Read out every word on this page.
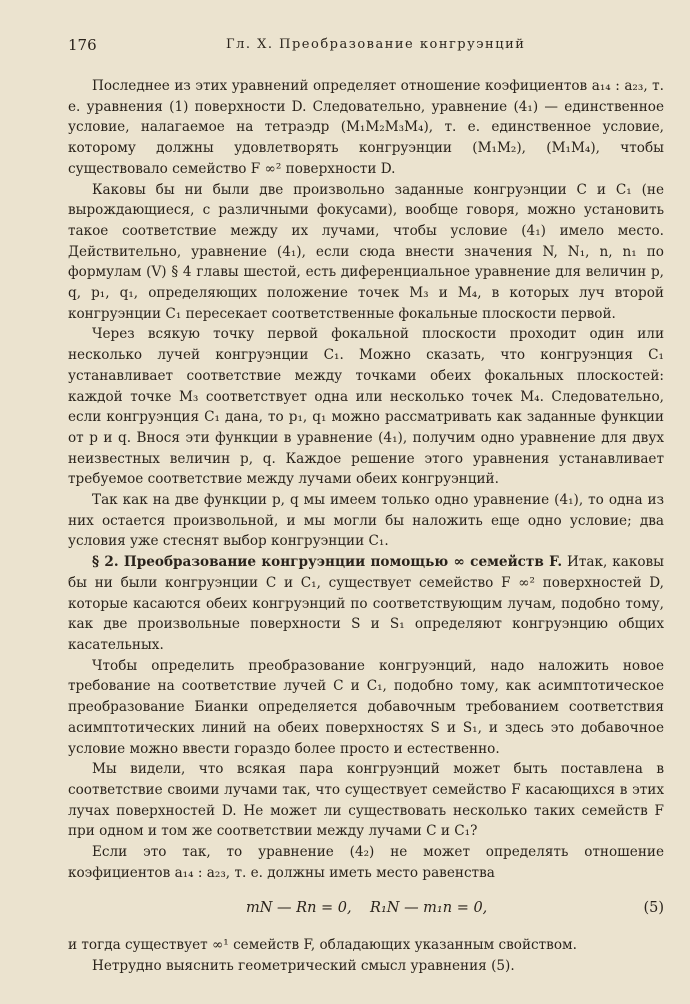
176	Гл. X. Преобразование конгруэнций

Последнее из этих уравнений определяет отношение коэфициентов a₁₄ : a₂₃, т. е. уравнения (1) поверхности D. Следовательно, уравнение (4₁) — единственное условие, налагаемое на тетраэдр (M₁M₂M₃M₄), т. е. единственное условие, которому должны удовлетворять конгруэнции (M₁M₂), (M₁M₄), чтобы существовало семейство F ∞² поверхности D.

Каковы бы ни были две произвольно заданные конгруэнции C и C₁ (не вырождающиеся, с различными фокусами), вообще говоря, можно установить такое соответствие между их лучами, чтобы условие (4₁) имело место. Действительно, уравнение (4₁), если сюда внести значения N, N₁, n, n₁ по формулам (V) § 4 главы шестой, есть диференциальное уравнение для величин p, q, p₁, q₁, определяющих положение точек M₃ и M₄, в которых луч второй конгруэнции C₁ пересекает соответственные фокальные плоскости первой.

Через всякую точку первой фокальной плоскости проходит один или несколько лучей конгруэнции C₁. Можно сказать, что конгруэнция C₁ устанавливает соответствие между точками обеих фокальных плоскостей: каждой точке M₃ соответствует одна или несколько точек M₄. Следовательно, если конгруэнция C₁ дана, то p₁, q₁ можно рассматривать как заданные функции от p и q. Внося эти функции в уравнение (4₁), получим одно уравнение для двух неизвестных величин p, q. Каждое решение этого уравнения устанавливает требуемое соответствие между лучами обеих конгруэнций.

Так как на две функции p, q мы имеем только одно уравнение (4₁), то одна из них остается произвольной, и мы могли бы наложить еще одно условие; два условия уже стеснят выбор конгруэнции C₁.

§ 2. Преобразование конгруэнции помощью ∞ семейств F. Итак, каковы бы ни были конгруэнции C и C₁, существует семейство F ∞² поверхностей D, которые касаются обеих конгруэнций по соответствующим лучам, подобно тому, как две произвольные поверхности S и S₁ определяют конгруэнцию общих касательных.

Чтобы определить преобразование конгруэнций, надо наложить новое требование на соответствие лучей C и C₁, подобно тому, как асимптотическое преобразование Бианки определяется добавочным требованием соответствия асимптотических линий на обеих поверхностях S и S₁, и здесь это добавочное условие можно ввести гораздо более просто и естественно.

Мы видели, что всякая пара конгруэнций может быть поставлена в соответствие своими лучами так, что существует семейство F касающихся в этих лучах поверхностей D. Не может ли существовать несколько таких семейств F при одном и том же соответствии между лучами C и C₁?

Если это так, то уравнение (4₂) не может определять отношение коэфициентов a₁₄ : a₂₃, т. е. должны иметь место равенства

mN — Rn = 0,    R₁N — m₁n = 0,	(5)

и тогда существует ∞¹ семейств F, обладающих указанным свойством.

Нетрудно выяснить геометрический смысл уравнения (5).
